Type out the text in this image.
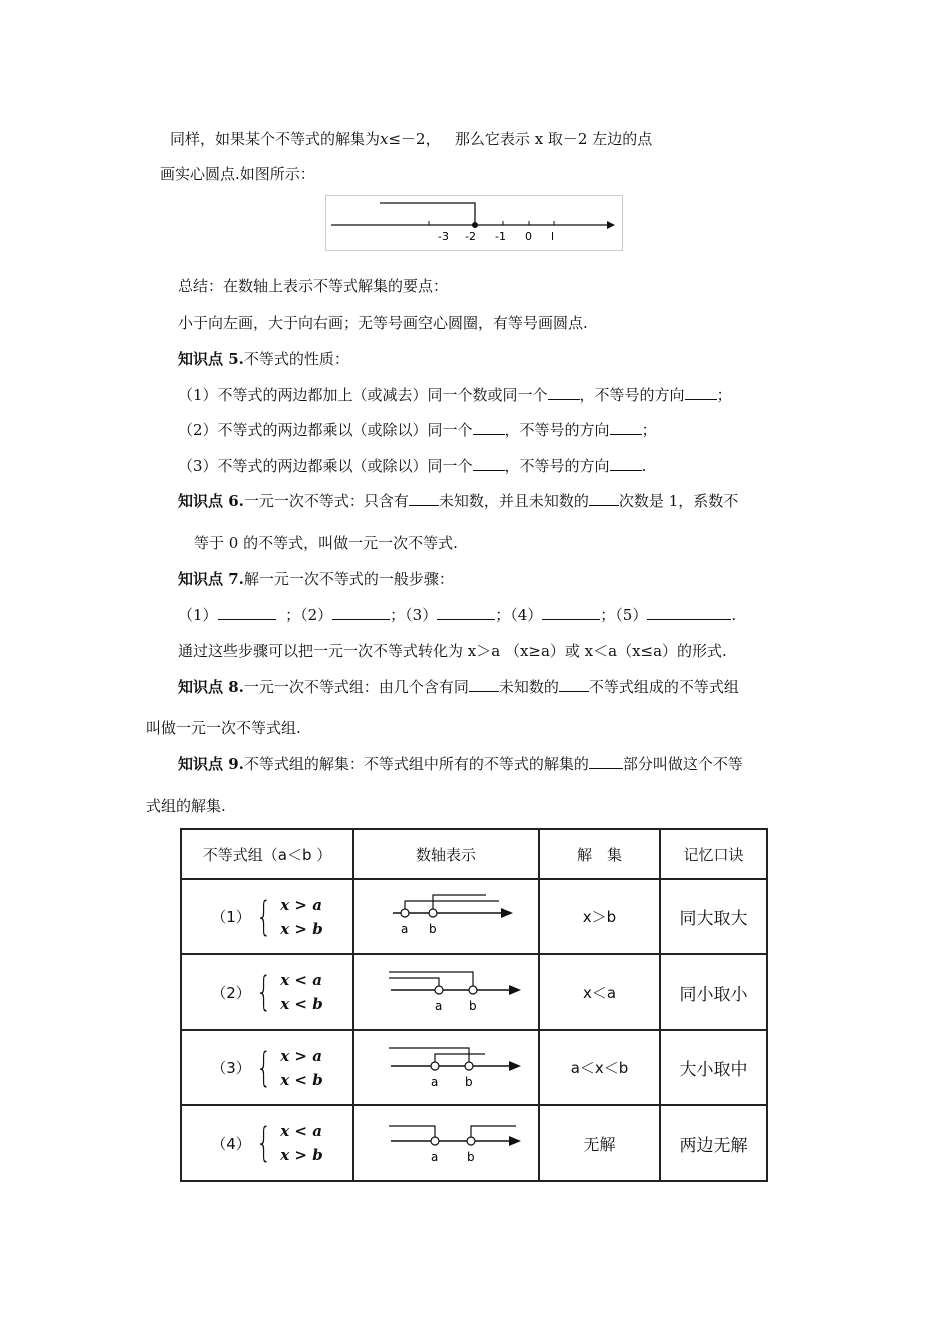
同样，如果某个不等式的解集为x≤－2， 那么它表示 x 取－2 左边的点
画实心圆点.如图所示：
-3 -2 -1 0 l
总结：在数轴上表示不等式解集的要点：
小于向左画，大于向右画；无等号画空心圆圈，有等号画圆点.
知识点 5.不等式的性质：
（1）不等式的两边都加上（或减去）同一个数或同一个 ，不等号的方向 ；
（2）不等式的两边都乘以（或除以）同一个 ，不等号的方向 ；
（3）不等式的两边都乘以（或除以）同一个 ，不等号的方向 .
知识点 6.一元一次不等式：只含有 未知数，并且未知数的 次数是 1，系数不
等于 0 的不等式，叫做一元一次不等式.
知识点 7.解一元一次不等式的一般步骤：
（1）	；（2）	；（3）	；（4）	；（5）	.
通过这些步骤可以把一元一次不等式转化为 x＞a （x≥a）或 x＜a（x≤a）的形式.
知识点 8.一元一次不等式组：由几个含有同 未知数的 不等式组成的不等式组
叫做一元一次不等式组.
知识点 9.不等式组的解集：不等式组中所有的不等式的解集的 部分叫做这个不等
式组的解集.
不等式组（a＜b ）	数轴表示	解　集	记忆口诀

（1） { x > a
x > b	a b	x＞b	同大取大

（2） { x < a
x < b	a b	x＜a	同小取小

（3） { x > a
x < b	a b	a＜x＜b	大小取中

（4） { x < a
x > b	a b	无解	两边无解
